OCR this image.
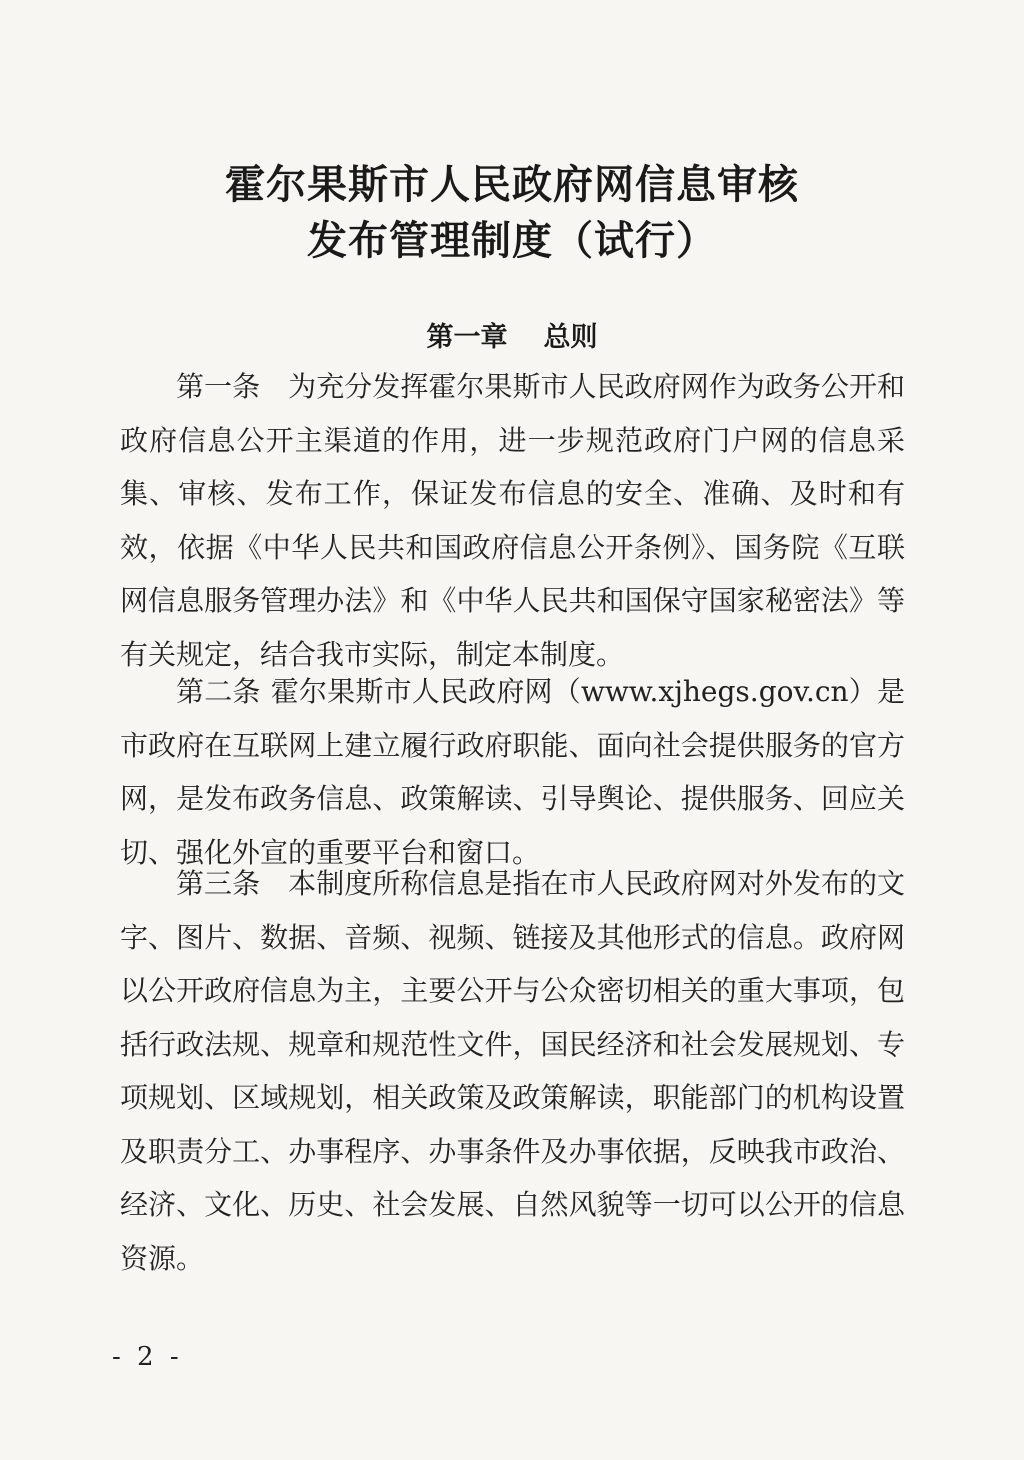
霍尔果斯市人民政府网信息审核
发布管理制度（试行）
第一章 总则

第一条 为充分发挥霍尔果斯市人民政府网作为政务公开和政府信息公开主渠道的作用，进一步规范政府门户网的信息采集、审核、发布工作，保证发布信息的安全、准确、及时和有效，依据《中华人民共和国政府信息公开条例》、国务院《互联网信息服务管理办法》和《中华人民共和国保守国家秘密法》等有关规定，结合我市实际，制定本制度。

第二条 霍尔果斯市人民政府网（www.xjhegs.gov.cn）是市政府在互联网上建立履行政府职能、面向社会提供服务的官方网，是发布政务信息、政策解读、引导舆论、提供服务、回应关切、强化外宣的重要平台和窗口。

第三条 本制度所称信息是指在市人民政府网对外发布的文字、图片、数据、音频、视频、链接及其他形式的信息。政府网以公开政府信息为主，主要公开与公众密切相关的重大事项，包括行政法规、规章和规范性文件，国民经济和社会发展规划、专项规划、区域规划，相关政策及政策解读，职能部门的机构设置及职责分工、办事程序、办事条件及办事依据，反映我市政治、经济、文化、历史、社会发展、自然风貌等一切可以公开的信息资源。

- 2 -
